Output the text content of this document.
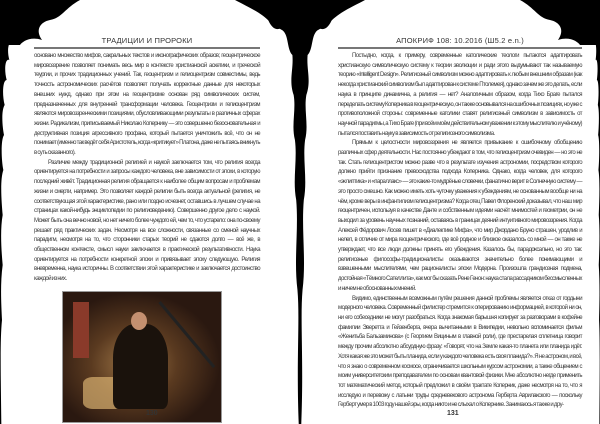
ТРАДИЦИИ И ПРОРОКИ

основано множество мифов, сакральных текстов и иконографических образов; геоцентрическое мировоззрение позволяет понимать весь мир в контексте христианской аскетики, и греческой теургии, и прочих традиционных учений. Так, геоцентризм и гелиоцентризм совместимы, ведь точность астрономических расчётов позволяет получать корректные данные для некоторых внешних нужд, однако при этом на геоцентризме основан ряд символических систем, предназначенных для внутренней трансформации человека. Геоцентризм и гелиоцентризм являются мировоззренческими позициями, обусловливающими результаты в различных сферах жизни. Радикализм, приписываемый Николаю Копернику — это совершенно безосновательная и деструктивная позиция агрессивного профана, который пытается уничтожить всё, что он не понимает (именно так ведёт себя Аристотель, когда «критикует» Платона, даже не пытаясь вникнуть в суть сказанного).

Различие между традиционной религией и наукой заключается том, что религия всегда ориентируется на потребности и запросы каждого человека, вне зависимости от эпохи, в которую последний живёт. Традиционная религия обращается к наиболее общим вопросам и проблемам жизни и смерти, например. Это позволяет каждой религии быть всегда актуальной (религия, не соответствующая этой характеристике, рано или поздно исчезнет, оставшись в лучшем случае на страницах какой-нибудь энциклопедии по религиоведению). Совершенно другое дело с наукой. Может быть она вечно новой, но нет ничего более чуждого ей, чем то, что устарело: она по-своему решает ряд практических задач. Несмотря на все сложности, связанные со сменой научных парадигм, несмотря на то, что сторонники старых теорий не сдаются долго — всё же, в общественном контексте, смысл науки заключается в практической результативности. Наука ориентируется на потребности конкретной эпохи и привязывает эпоху следующую. Религия вневременна, наука историчны. В соответствии этой характеристике и заключается достоинство каждой из них.

130
АПОКРИФ 108: 10.2016 (Ш5.2 e.n.)

Постыдно, когда, к примеру, современные католические теологи пытаются адаптировать христианскую символическую систему к теории эволюции и ради этого выдумывают так называемую теорию «Intelligent Design». Религиозный символизм можно адаптировать к любым внешним образам (как некогда христианский символизм был адаптирован к системе Птолемея), однако зачем же это делать, если наука в принципе динамична, а религия — нет? Аналогичным образом, когда Тихо Браге пытался переделать систему Коперника в геоцентрическую, он также основывался на ошибочных позициях, но уже с противоположной стороны: современные католики ставят религиозный символизм в зависимость от научной парадигмы, а Тихо Браге (при всём моём действительном уважении к этому мыслителю и учёному) пытался поставить науку в зависимость от религиозного символизма.

Прямым к целостности мировоззрения не является привыкание к ошибочному обобщению различных сфер деятельности. Нас постоянно убеждают в том, что гелиоцентризм очевиден — но это не так. Стать гелиоцентристом можно разве что в результате изучения астрономии, посредством которого должно прийти признание превосходства подхода Коперника. Однако, когда человек, для которого «эклиптика» и «параллакс» — это какие-то мудрёные словечки, фанатично верит в Солнечную систему — это просто смешно. Как можно иметь хоть чуточку уважения к убеждениям, не основанным вообще ни на чём, кроме веры в инфантилизм гелиоцентризма? Когда отец Павел Флоренский доказывал, что наш мир геоцентричен, используя в качестве Данте и собственным идеями насчёт мнимостей и геометрии, он не выходил за уровень научных познаний, оставаясь в границах деяний интуитивного мировоззрения. Когда Алексей Фёдорович Лосев пишет в «Диалектике Мифа», что мир Джордано Бруно страшен, уродлив и нелеп, в отличие от мира геоцентрического, где всё родное и близкое оказалось со мной — он также не утверждает, что все люди должны принять его убеждения. Казалось бы, парадоксально, но это так: религиозные философы-традиционалисты оказываются значительно более понимающими и взвешенными мыслителями, чем рационалисты эпохи Модерна. Произошла грандиозная подмена, достойная «Тёмного Сателлита», как мог бы сказать Рене Генон: наука стала рассадником бессмысленных и ничем не обоснованных мнений.

Видимо, единственным возможным путём решения данной проблемы является отказ от гордыни модерного человека. Современный филистер стремится к оперированию информацией, в которой ни он, ни его собеседники не могут разобраться. Когда знакомая барышня копирует за разговорами в кофейне фамилии Эверетта и Гейзенберга, вчера вычитанными в Википедии, невольно вспоминается фильм «Женитьба Бальзаминова» (с Георгием Вициным в главной роли), где престарелая сплетница говорит между прочим абсолютно абсурдную фразу: «Говорят, что на Земле какая-то планета или планида идёт. Хотя какая же это может быть планида, если у каждого человека есть своя планида?». Я не астроном, и всё, что я знаю о современном космосе, ограничивается школьным курсом астрономии, а также общением с моим университетским преподавателем по основам квантовой физики. Мне абсолютно негде применить тот математический метод, который предложил в своём трактате Коперник, даже несмотря на то, что я исследую и перевожу с латыни труды средневекового астронома Герберта Аврилакского — поскольку Герберт умер в 1003 году нашей эры, когда никто и не слыхал о Копернике. Занимаюсь я также и дру-

131
